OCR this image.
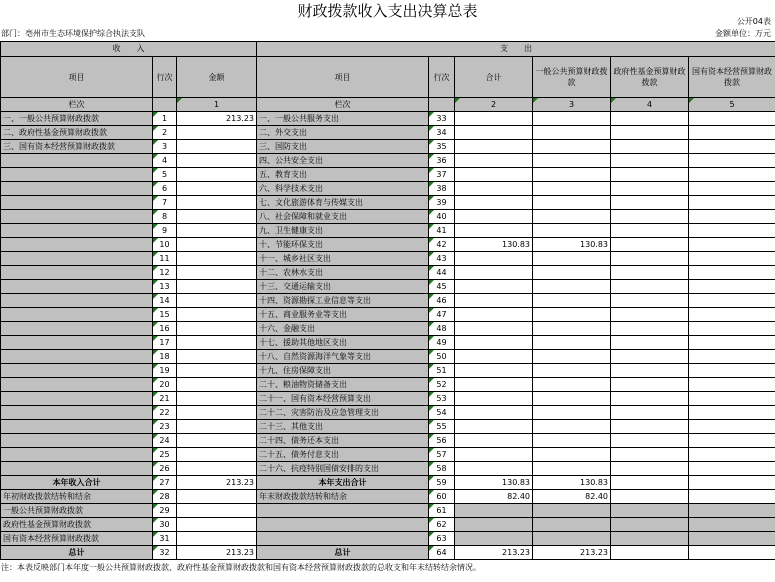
财政拨款收入支出决算总表
公开04表
部门：亳州市生态环境保护综合执法支队	金额单位：万元
收　　入			支　　出					
项目	行次	金额	项目	行次	合计	一般公共预算财政拨款	政府性基金预算财政拨款	国有资本经营预算财政拨款
栏次		1	栏次		2	3	4	5
一、一般公共预算财政拨款	1	213.23	一、一般公共服务支出	33				
二、政府性基金预算财政拨款	2		二、外交支出	34				
三、国有资本经营预算财政拨款	3		三、国防支出	35				
	4		四、公共安全支出	36				
	5		五、教育支出	37				
	6		六、科学技术支出	38				
	7		七、文化旅游体育与传媒支出	39				
	8		八、社会保障和就业支出	40				
	9		九、卫生健康支出	41				
	10		十、节能环保支出	42	130.83	130.83		
	11		十一、城乡社区支出	43				
	12		十二、农林水支出	44				
	13		十三、交通运输支出	45				
	14		十四、资源勘探工业信息等支出	46				
	15		十五、商业服务业等支出	47				
	16		十六、金融支出	48				
	17		十七、援助其他地区支出	49				
	18		十八、自然资源海洋气象等支出	50				
	19		十九、住房保障支出	51				
	20		二十、粮油物资储备支出	52				
	21		二十一、国有资本经营预算支出	53				
	22		二十二、灾害防治及应急管理支出	54				
	23		二十三、其他支出	55				
	24		二十四、债务还本支出	56				
	25		二十五、债务付息支出	57				
	26		二十六、抗疫特别国债安排的支出	58				
本年收入合计	27	213.23	本年支出合计	59	130.83	130.83		
年初财政拨款结转和结余	28		年末财政拨款结转和结余	60	82.40	82.40		
一般公共预算财政拨款	29			61				
政府性基金预算财政拨款	30			62				
国有资本经营预算财政拨款	31			63				
总计	32	213.23	总计	64	213.23	213.23		
注：本表反映部门本年度一般公共预算财政拨款、政府性基金预算财政拨款和国有资本经营预算财政拨款的总收支和年末结转结余情况。
